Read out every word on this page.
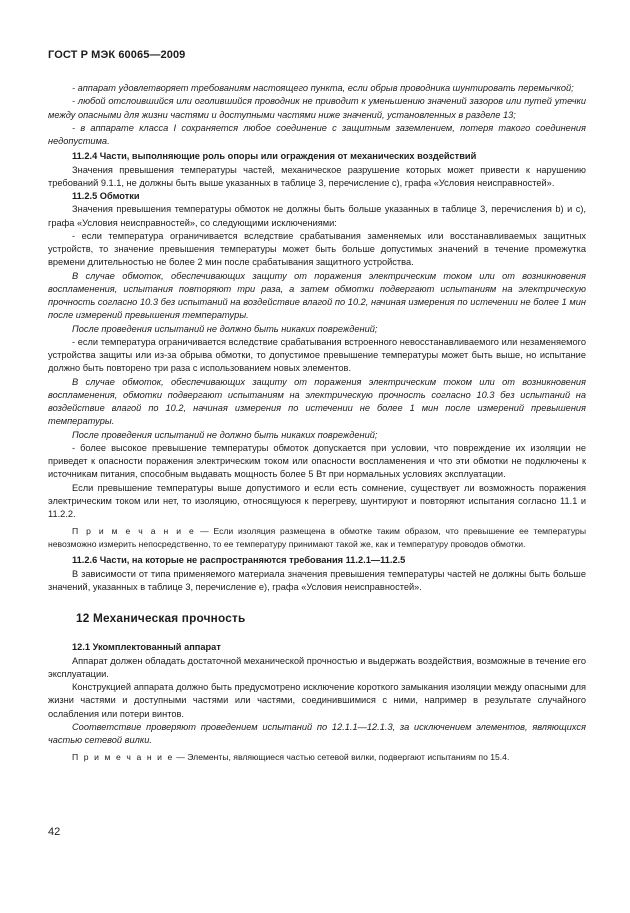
ГОСТ Р МЭК 60065—2009

- аппарат удовлетворяет требованиям настоящего пункта, если обрыв проводника шунтировать перемычкой;

- любой отслоившийся или оголившийся проводник не приводит к уменьшению значений зазоров или путей утечки между опасными для жизни частями и доступными частями ниже значений, установленных в разделе 13;

- в аппарате класса I сохраняется любое соединение с защитным заземлением, потеря такого соединения недопустима.

11.2.4 Части, выполняющие роль опоры или ограждения от механических воздействий

Значения превышения температуры частей, механическое разрушение которых может привести к нарушению требований 9.1.1, не должны быть выше указанных в таблице 3, перечисление с), графа «Условия неисправностей».

11.2.5 Обмотки

Значения превышения температуры обмоток не должны быть больше указанных в таблице 3, перечисления b) и с), графа «Условия неисправностей», со следующими исключениями:

- если температура ограничивается вследствие срабатывания заменяемых или восстанавливаемых защитных устройств, то значение превышения температуры может быть больше допустимых значений в течение промежутка времени длительностью не более 2 мин после срабатывания защитного устройства.

В случае обмоток, обеспечивающих защиту от поражения электрическим током или от возникновения воспламенения, испытания повторяют три раза, а затем обмотки подвергают испытаниям на электрическую прочность согласно 10.3 без испытаний на воздействие влагой по 10.2, начиная измерения по истечении не более 1 мин после измерений превышения температуры.

После проведения испытаний не должно быть никаких повреждений;

- если температура ограничивается вследствие срабатывания встроенного невосстанавливаемого или незаменяемого устройства защиты или из-за обрыва обмотки, то допустимое превышение температуры может быть выше, но испытание должно быть повторено три раза с использованием новых элементов.

В случае обмоток, обеспечивающих защиту от поражения электрическим током или от возникновения воспламенения, обмотки подвергают испытаниям на электрическую прочность согласно 10.3 без испытаний на воздействие влагой по 10.2, начиная измерения по истечении не более 1 мин после измерений превышения температуры.

После проведения испытаний не должно быть никаких повреждений;

- более высокое превышение температуры обмоток допускается при условии, что повреждение их изоляции не приведет к опасности поражения электрическим током или опасности воспламенения и что эти обмотки не подключены к источникам питания, способным выдавать мощность более 5 Вт при нормальных условиях эксплуатации.

Если превышение температуры выше допустимого и если есть сомнение, существует ли возможность поражения электрическим током или нет, то изоляцию, относящуюся к перегреву, шунтируют и повторяют испытания согласно 11.1 и 11.2.2.

П р и м е ч а н и е — Если изоляция размещена в обмотке таким образом, что превышение ее температуры невозможно измерить непосредственно, то ее температуру принимают такой же, как и температуру проводов обмотки.

11.2.6 Части, на которые не распространяются требования 11.2.1—11.2.5

В зависимости от типа применяемого материала значения превышения температуры частей не должны быть больше значений, указанных в таблице 3, перечисление е), графа «Условия неисправностей».

12 Механическая прочность

12.1 Укомплектованный аппарат

Аппарат должен обладать достаточной механической прочностью и выдержать воздействия, возможные в течение его эксплуатации.

Конструкцией аппарата должно быть предусмотрено исключение короткого замыкания изоляции между опасными для жизни частями и доступными частями или частями, соединившимися с ними, например в результате случайного ослабления или потери винтов.

Соответствие проверяют проведением испытаний по 12.1.1—12.1.3, за исключением элементов, являющихся частью сетевой вилки.

П р и м е ч а н и е — Элементы, являющиеся частью сетевой вилки, подвергают испытаниям по 15.4.

42
